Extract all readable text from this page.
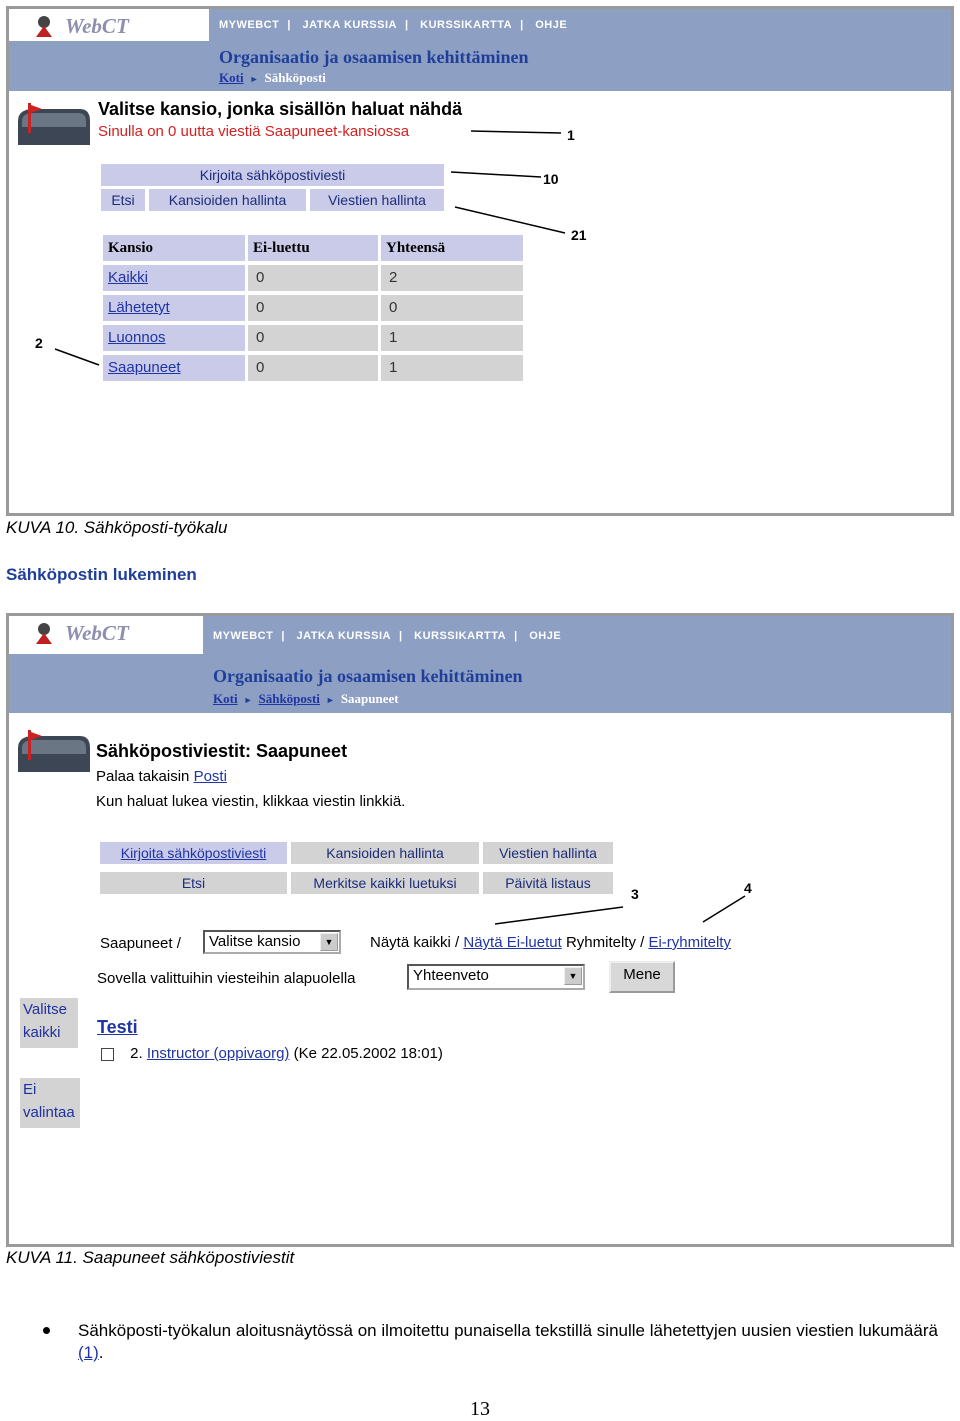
WebCT	MYWEBCT | JATKA KURSSIA | KURSSIKARTTA | OHJE
Organisaatio ja osaamisen kehittäminen
Koti ► Sähköposti
Valitse kansio, jonka sisällön haluat nähdä
Sinulla on 0 uutta viestiä Saapuneet-kansiossa
Kirjoita sähköpostiviesti
Etsi	Kansioiden hallinta	Viestien hallinta
Kansio	Ei-luettu	Yhteensä
Kaikki	0	2
Lähetetyt	0	0
Luonnos	0	1
Saapuneet	0	1
1
10
21
2
KUVA 10. Sähköposti-työkalu
Sähköpostin lukeminen
WebCT	MYWEBCT | JATKA KURSSIA | KURSSIKARTTA | OHJE
Organisaatio ja osaamisen kehittäminen
Koti ► Sähköposti ► Saapuneet
Sähköpostiviestit: Saapuneet
Palaa takaisin Posti
Kun haluat lukea viestin, klikkaa viestin linkkiä.
Kirjoita sähköpostiviesti	Kansioiden hallinta	Viestien hallinta
Etsi	Merkitse kaikki luetuksi	Päivitä listaus
Saapuneet /	Valitse kansio	▼	Näytä kaikki / Näytä Ei-luetut Ryhmitelty / Ei-ryhmitelty
Sovella valittuihin viesteihin alapuolella	Yhteenveto	▼	Mene
Valitse
kaikki
Ei
valintaa
Testi
2. Instructor (oppivaorg) (Ke 22.05.2002 18:01)
3	4
KUVA 11. Saapuneet sähköpostiviestit
Sähköposti-työkalun aloitusnäytössä on ilmoitettu punaisella tekstillä sinulle lähetettyjen uusien viestien lukumäärä (1).
13
